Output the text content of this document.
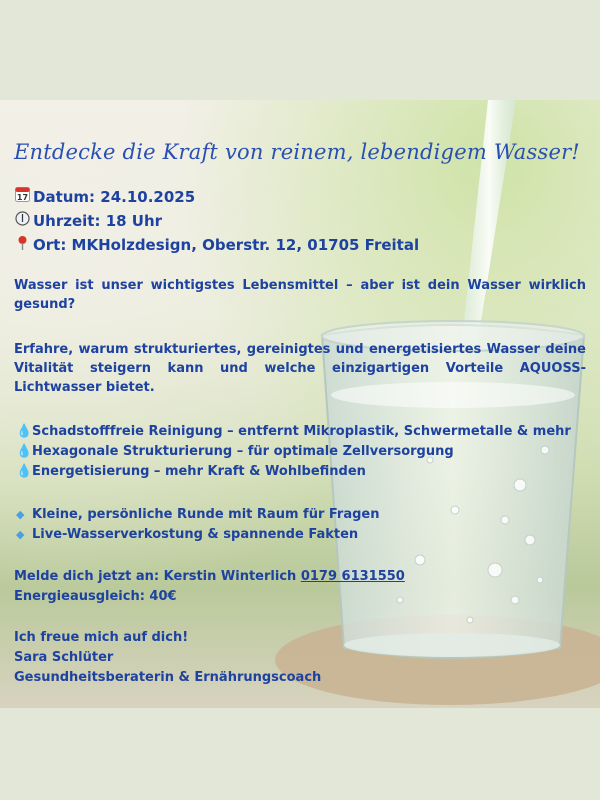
Entdecke die Kraft von reinem, lebendigem Wasser!
17 Datum: 24.10.2025
Uhrzeit: 18 Uhr
Ort: MKHolzdesign, Oberstr. 12, 01705 Freital
Wasser ist unser wichtigstes Lebensmittel – aber ist dein Wasser wirklich gesund?
Erfahre, warum strukturiertes, gereinigtes und energetisiertes Wasser deine Vitalität steigern kann und welche einzigartigen Vorteile AQUOSS-Lichtwasser bietet.
💧Schadstofffreie Reinigung – entfernt Mikroplastik, Schwermetalle & mehr
💧Hexagonale Strukturierung – für optimale Zellversorgung
💧Energetisierung – mehr Kraft & Wohlbefinden
◆ Kleine, persönliche Runde mit Raum für Fragen
◆ Live-Wasserverkostung & spannende Fakten
Melde dich jetzt an: Kerstin Winterlich 0179 6131550
Energieausgleich: 40€
Ich freue mich auf dich!
Sara Schlüter
Gesundheitsberaterin & Ernährungscoach
